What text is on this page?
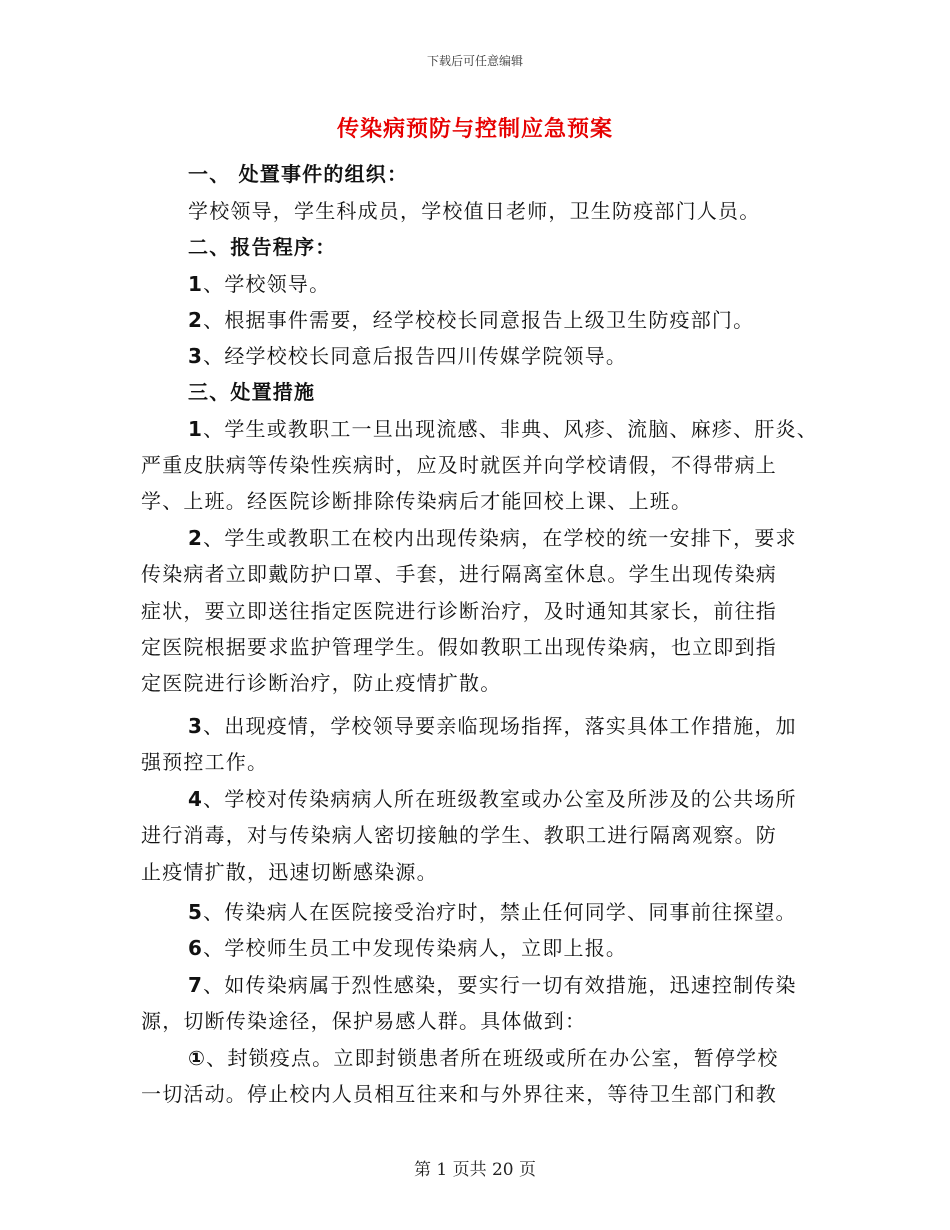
下载后可任意编辑
传染病预防与控制应急预案
一、 处置事件的组织：
学校领导，学生科成员，学校值日老师，卫生防疫部门人员。
二、报告程序：
1、学校领导。
2、根据事件需要，经学校校长同意报告上级卫生防疫部门。
3、经学校校长同意后报告四川传媒学院领导。
三、处置措施
1、学生或教职工一旦出现流感、非典、风疹、流脑、麻疹、肝炎、
严重皮肤病等传染性疾病时，应及时就医并向学校请假，不得带病上
学、上班。经医院诊断排除传染病后才能回校上课、上班。
2、学生或教职工在校内出现传染病，在学校的统一安排下，要求
传染病者立即戴防护口罩、手套，进行隔离室休息。学生出现传染病
症状，要立即送往指定医院进行诊断治疗，及时通知其家长，前往指
定医院根据要求监护管理学生。假如教职工出现传染病，也立即到指
定医院进行诊断治疗，防止疫情扩散。
3、出现疫情，学校领导要亲临现场指挥，落实具体工作措施，加
强预控工作。
4、学校对传染病病人所在班级教室或办公室及所涉及的公共场所
进行消毒，对与传染病人密切接触的学生、教职工进行隔离观察。防
止疫情扩散，迅速切断感染源。
5、传染病人在医院接受治疗时，禁止任何同学、同事前往探望。
6、学校师生员工中发现传染病人，立即上报。
7、如传染病属于烈性感染，要实行一切有效措施，迅速控制传染
源，切断传染途径，保护易感人群。具体做到：
①、封锁疫点。立即封锁患者所在班级或所在办公室，暂停学校
一切活动。停止校内人员相互往来和与外界往来，等待卫生部门和教
第 1 页共 20 页
